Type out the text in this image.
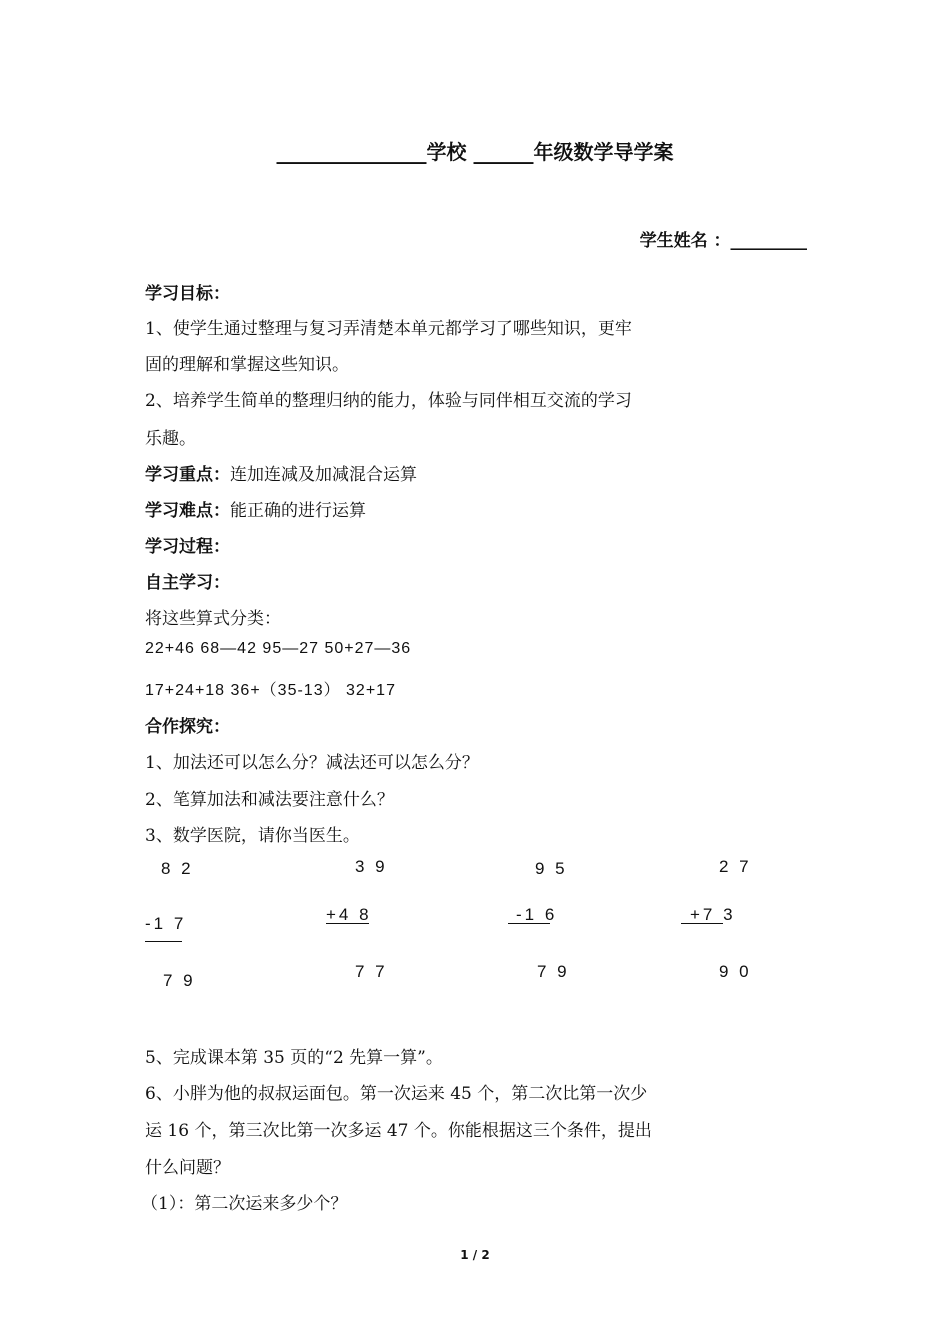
_______________学校 ______年级数学导学案
学生姓名 ：_________
学习目标：
1、使学生通过整理与复习弄清楚本单元都学习了哪些知识，更牢
固的理解和掌握这些知识。
2、培养学生简单的整理归纳的能力，体验与同伴相互交流的学习
乐趣。
学习重点：连加连减及加减混合运算
学习难点：能正确的进行运算
学习过程：
自主学习：
将这些算式分类：
22+46 68—42 95—27 50+27—36
17+24+18 36+（35-13） 32+17
合作探究：
1、加法还可以怎么分？减法还可以怎么分？
2、笔算加法和减法要注意什么？
3、数学医院，请你当医生。
8 2
-1 7
7 9
3 9
+4 8
7 7
9 5
-1 6
7 9
2 7
+7 3
9 0
5、完成课本第 35 页的“2 先算一算”。
6、小胖为他的叔叔运面包。第一次运来 45 个，第二次比第一次少
运 16 个，第三次比第一次多运 47 个。你能根据这三个条件，提出
什么问题？
（1）：第二次运来多少个？
1 / 2
